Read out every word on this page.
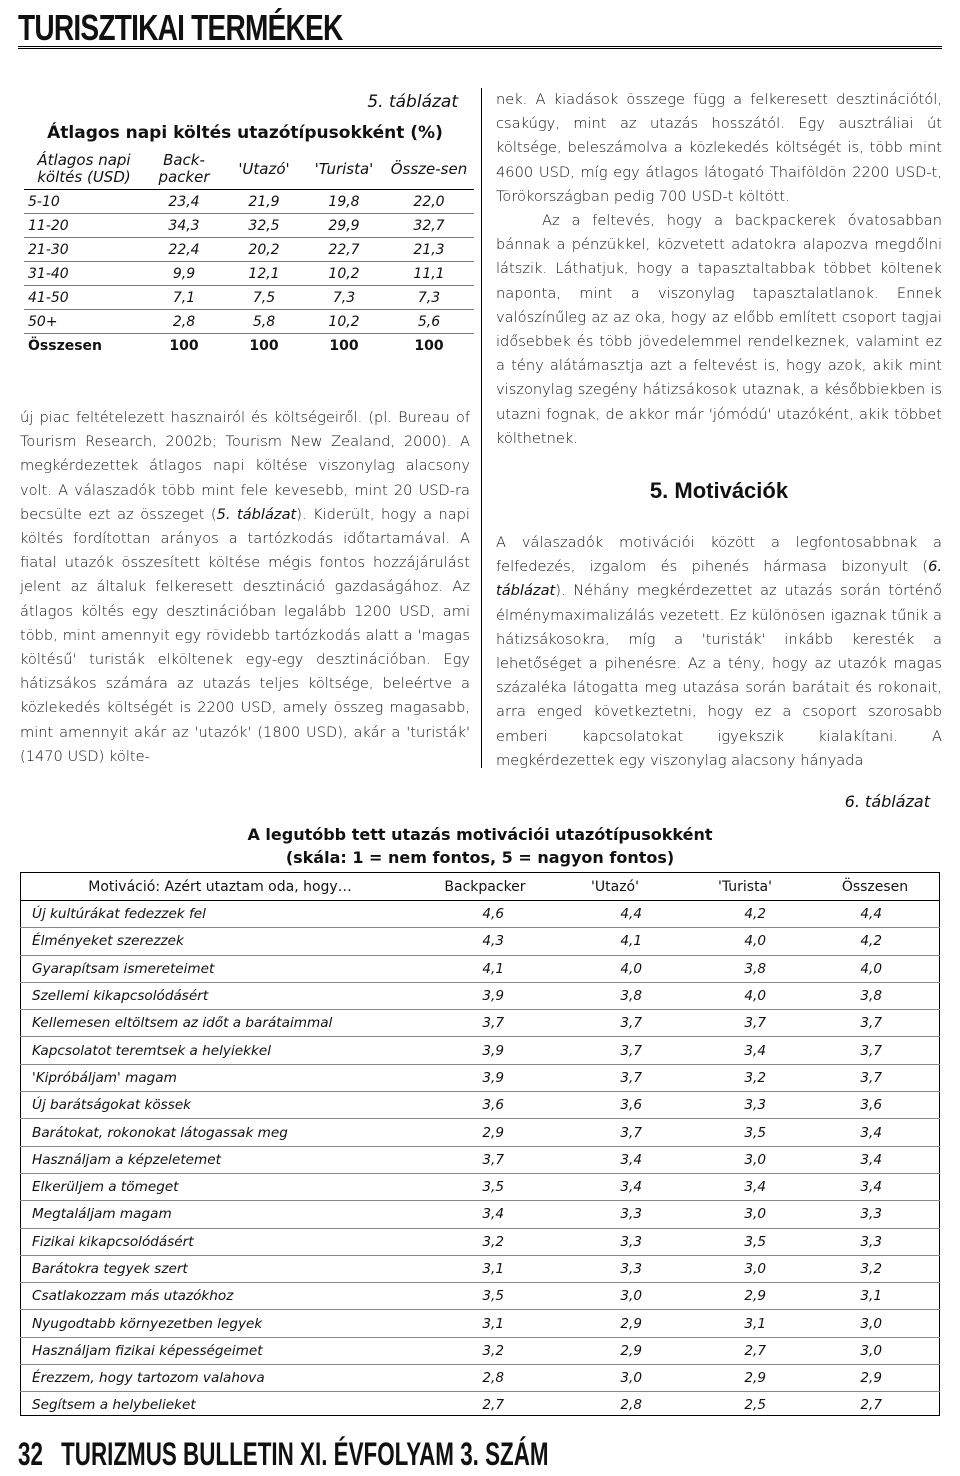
TURISZTIKAI TERMÉKEK
5. táblázat
Átlagos napi költés utazótípusokként (%)
Átlagos napi költés (USD)	Back-packer	'Utazó'	'Turista'	Össze-sen
5-10	23,4	21,9	19,8	22,0
11-20	34,3	32,5	29,9	32,7
21-30	22,4	20,2	22,7	21,3
31-40	9,9	12,1	10,2	11,1
41-50	7,1	7,5	7,3	7,3
50+	2,8	5,8	10,2	5,6
Összesen	100	100	100	100

új piac feltételezett hasznairól és költségeiről. (pl. Bureau of Tourism Research, 2002b; Tourism New Zealand, 2000). A megkérdezettek átlagos napi költése viszonylag alacsony volt. A válaszadók több mint fele kevesebb, mint 20 USD-ra becsülte ezt az összeget (5. táblázat). Kiderült, hogy a napi költés fordítottan arányos a tartózkodás időtartamával. A fiatal utazók összesített költése mégis fontos hozzájárulást jelent az általuk felkeresett desztináció gazdaságához. Az átlagos költés egy desztinációban legalább 1200 USD, ami több, mint amennyit egy rövidebb tartózkodás alatt a 'magas költésű' turisták elköltenek egy-egy desztinációban. Egy hátizsákos számára az utazás teljes költsége, beleértve a közlekedés költségét is 2200 USD, amely összeg magasabb, mint amennyit akár az 'utazók' (1800 USD), akár a 'turisták' (1470 USD) költe-

nek. A kiadások összege függ a felkeresett desztinációtól, csakúgy, mint az utazás hosszától. Egy ausztráliai út költsége, beleszámolva a közlekedés költségét is, több mint 4600 USD, míg egy átlagos látogató Thaiföldön 2200 USD-t, Törökországban pedig 700 USD-t költött.

Az a feltevés, hogy a backpackerek óvatosabban bánnak a pénzükkel, közvetett adatokra alapozva megdőlni látszik. Láthatjuk, hogy a tapasztaltabbak többet költenek naponta, mint a viszonylag tapasztalatlanok. Ennek valószínűleg az az oka, hogy az előbb említett csoport tagjai idősebbek és több jövedelemmel rendelkeznek, valamint ez a tény alátámasztja azt a feltevést is, hogy azok, akik mint viszonylag szegény hátizsákosok utaznak, a későbbiekben is utazni fognak, de akkor már 'jómódú' utazóként, akik többet költhetnek.

5. Motivációk

A válaszadók motivációi között a legfontosabbnak a felfedezés, izgalom és pihenés hármasa bizonyult (6. táblázat). Néhány megkérdezettet az utazás során történő élménymaximalizálás vezetett. Ez különösen igaznak tűnik a hátizsákosokra, míg a 'turisták' inkább keresték a lehetőséget a pihenésre. Az a tény, hogy az utazók magas százaléka látogatta meg utazása során barátait és rokonait, arra enged következtetni, hogy ez a csoport szorosabb emberi kapcsolatokat igyekszik kialakítani. A megkérdezettek egy viszonylag alacsony hányada

6. táblázat
A legutóbb tett utazás motivációi utazótípusokként
(skála: 1 = nem fontos, 5 = nagyon fontos)
Motiváció: Azért utaztam oda, hogy…	Backpacker	'Utazó'	'Turista'	Összesen
Új kultúrákat fedezzek fel	4,6	4,4	4,2	4,4
Élményeket szerezzek	4,3	4,1	4,0	4,2
Gyarapítsam ismereteimet	4,1	4,0	3,8	4,0
Szellemi kikapcsolódásért	3,9	3,8	4,0	3,8
Kellemesen eltöltsem az időt a barátaimmal	3,7	3,7	3,7	3,7
Kapcsolatot teremtsek a helyiekkel	3,9	3,7	3,4	3,7
'Kipróbáljam' magam	3,9	3,7	3,2	3,7
Új barátságokat kössek	3,6	3,6	3,3	3,6
Barátokat, rokonokat látogassak meg	2,9	3,7	3,5	3,4
Használjam a képzeletemet	3,7	3,4	3,0	3,4
Elkerüljem a tömeget	3,5	3,4	3,4	3,4
Megtaláljam magam	3,4	3,3	3,0	3,3
Fizikai kikapcsolódásért	3,2	3,3	3,5	3,3
Barátokra tegyek szert	3,1	3,3	3,0	3,2
Csatlakozzam más utazókhoz	3,5	3,0	2,9	3,1
Nyugodtabb környezetben legyek	3,1	2,9	3,1	3,0
Használjam fizikai képességeimet	3,2	2,9	2,7	3,0
Érezzem, hogy tartozom valahova	2,8	3,0	2,9	2,9
Segítsem a helybelieket	2,7	2,8	2,5	2,7
32 TURIZMUS BULLETIN XI. ÉVFOLYAM 3. SZÁM
